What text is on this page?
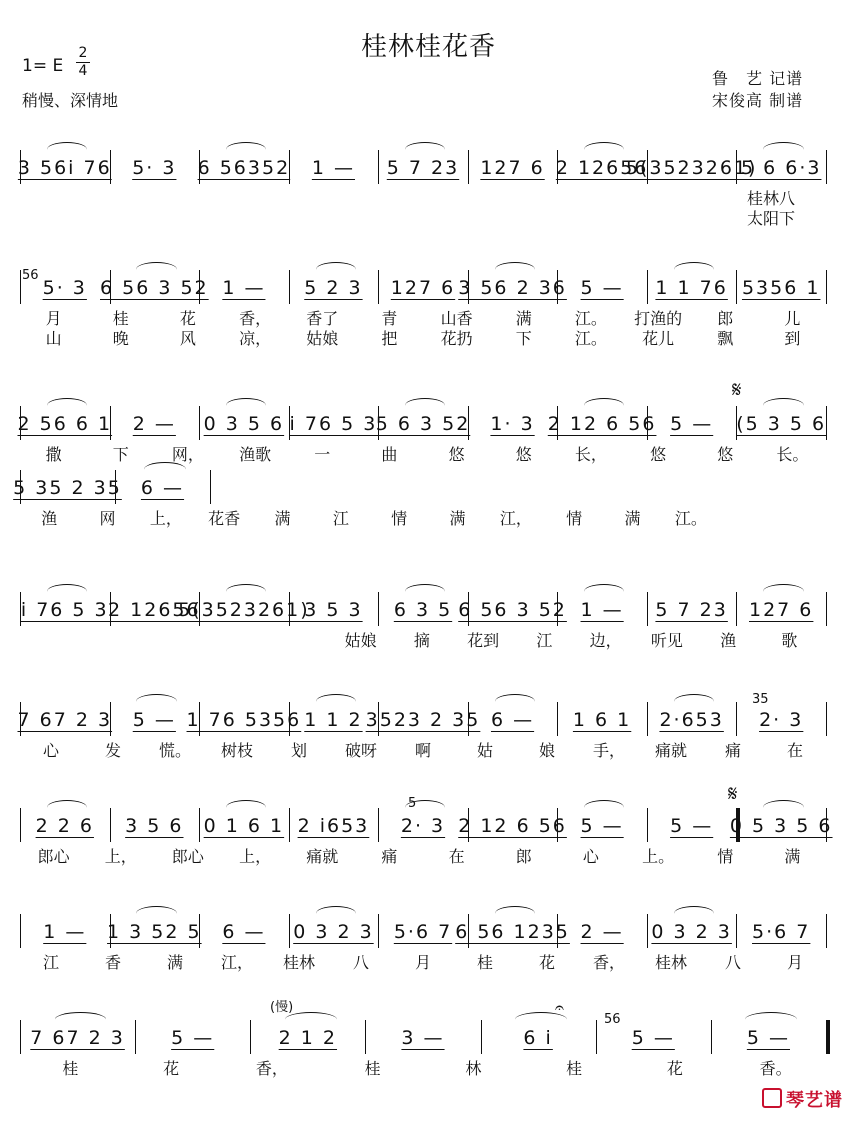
桂林桂花香
1= E
2
4
稍慢、深情地
鲁　艺 记谱
宋俊高 制谱
3 56i 76	5· 3	6 56352	1 —	5 7 23	127 6 2 12656
5(3523261)
5 6 6·3
桂林八
太阳下
5· 3 6 56 3 52 1 —	5 2 3	127 6 3 56 2 36 5 —	1 1 76 5356 1
月	桂	花	香，	香了	青	山香	满	江。	打渔的	郎	儿
山	晚	风	凉，	姑娘	把	花扔	下	江。	花儿	飘	到
2 56 6 1	2 —	0 3 5 6 i 76 5 3
5 6 3 52	1· 3 2 12 6 56 5 —	(5 3 5 6
撒	下	网，	渔歌	一	曲	悠	悠	长，	悠	悠	长。
5 35 2 35	6 —
渔	网	上，	花香	满	江	情	满	江，	情	满	江。
i 76 5 3 2 12656
5(3523261)
3 5 3	6 3 5 6 56 3 52 1 —	5 7 23	127 6
姑娘	摘	花到	江	边，	听见	渔	歌
7 67 2 3	5 — 1 76 5356 1 1 2 3523 2 35 6 —	1 6 1	2·653	2· 3
心	发	慌。	树枝	划	破呀	啊	姑	娘	手，	痛就	痛	在
2 2 6	3 5 6	0 1 6 1 2 i653	2· 3 2 12 6 56 5 —	5 — 0 5 3 5 6
郎心	上，	郎心	上，	痛就	痛	在	郎	心	上。	情	满
1 —	1 3 52 5	6 —	0 3 2 3	5·6 7 6 56 1235 2 —	0 3 2 3	5·6 7
江	香	满	江，	桂林	八	月	桂	花	香，	桂林	八	月
7 67 2 3	5 —	2 1 2	3 —	6 i	5 —	5 —
桂	花	香，	桂	林	桂	花	香。
(慢)
琴艺谱
56
35
5
56
𝄋
𝄋
𝄐
